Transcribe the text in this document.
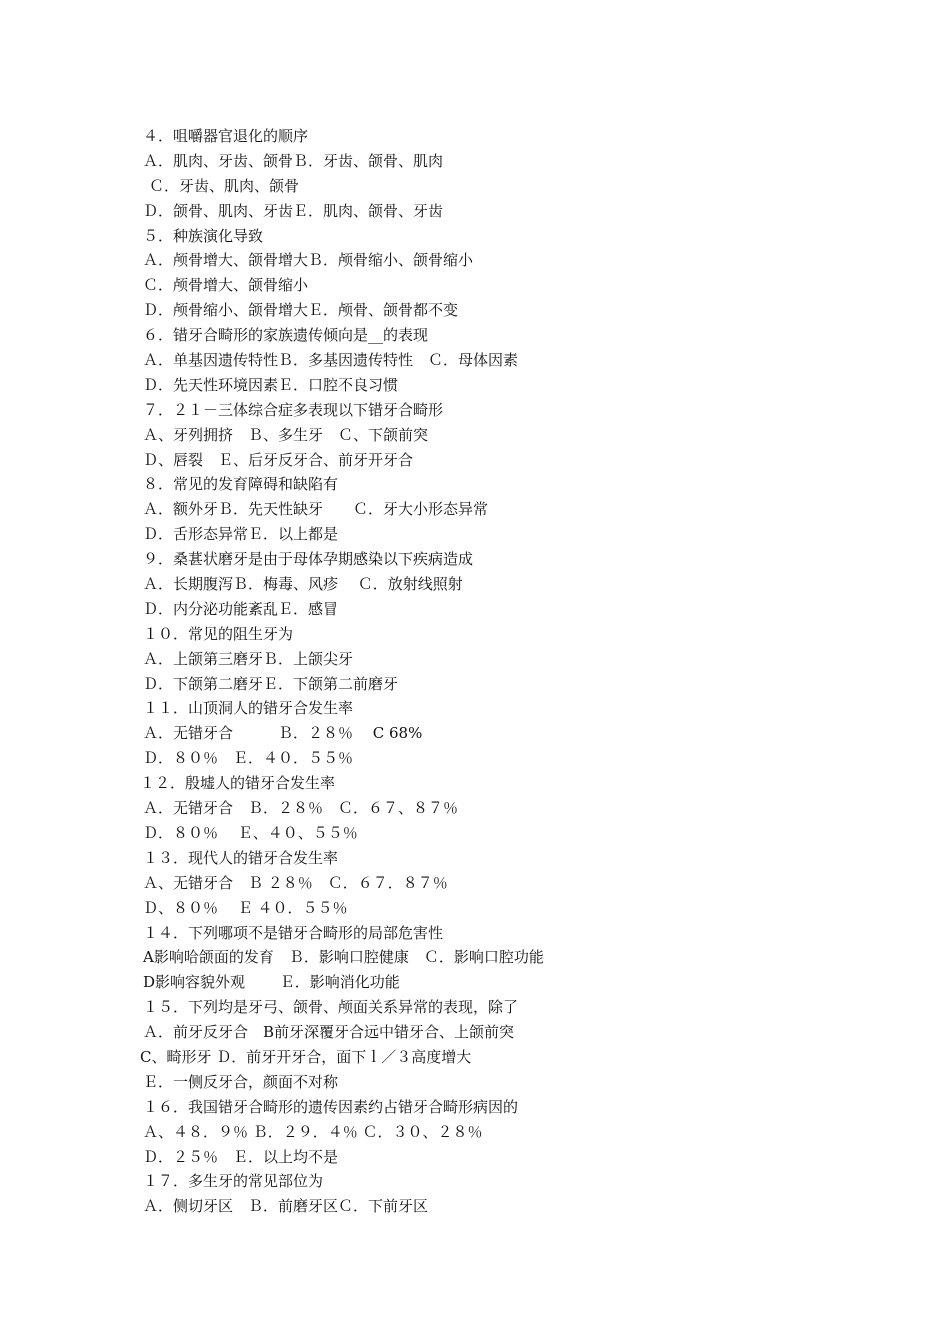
４．咀嚼器官退化的顺序
Ａ．肌肉、牙齿、颌骨Ｂ．牙齿、颌骨、肌肉
Ｃ．牙齿、肌肉、颌骨
Ｄ．颌骨、肌肉、牙齿Ｅ．肌肉、颌骨、牙齿
５．种族演化导致
Ａ．颅骨增大、颌骨增大Ｂ．颅骨缩小、颌骨缩小
Ｃ．颅骨增大、颌骨缩小
Ｄ．颅骨缩小、颌骨增大Ｅ．颅骨、颌骨都不变
６．错牙合畸形的家族遗传倾向是__的表现
Ａ．单基因遗传特性Ｂ．多基因遗传特性　Ｃ．母体因素
Ｄ．先天性环境因素Ｅ．口腔不良习惯
７．２１－三体综合症多表现以下错牙合畸形
Ａ、牙列拥挤　Ｂ、多生牙　Ｃ、下颌前突
Ｄ、唇裂　Ｅ、后牙反牙合、前牙开牙合
８．常见的发育障碍和缺陷有
Ａ．额外牙Ｂ．先天性缺牙　　Ｃ．牙大小形态异常
Ｄ．舌形态异常Ｅ．以上都是
９．桑葚状磨牙是由于母体孕期感染以下疾病造成
Ａ．长期腹泻Ｂ．梅毒、风疹　 Ｃ．放射线照射
Ｄ．内分泌功能紊乱Ｅ．感冒
１０．常见的阻生牙为
Ａ．上颌第三磨牙Ｂ．上颌尖牙
Ｄ．下颌第二磨牙Ｅ．下颌第二前磨牙
１１．山顶洞人的错牙合发生率
Ａ．无错牙合　　　Ｂ．２８％　 C 68%
Ｄ．８０％　Ｅ．４０．５５％
１２．殷墟人的错牙合发生率
Ａ．无错牙合　Ｂ．２８％　Ｃ．６７、８７％
Ｄ．８０％　 Ｅ、４０、５５％
１３．现代人的错牙合发生率
Ａ、无错牙合　Ｂ ２８％　Ｃ．６７．８７％
Ｄ、８０％　 Ｅ ４０．５５％
１４．下列哪项不是错牙合畸形的局部危害性
A影响哈颌面的发育　Ｂ．影响口腔健康　Ｃ．影响口腔功能
D影响容貌外观　　 Ｅ．影响消化功能
１５．下列均是牙弓、颌骨、颅面关系异常的表现，除了
Ａ．前牙反牙合　B前牙深覆牙合远中错牙合、上颌前突
C、畸形牙 Ｄ．前牙开牙合，面下ｌ／３高度增大
Ｅ．一侧反牙合，颜面不对称
１６．我国错牙合畸形的遗传因素约占错牙合畸形病因的
Ａ、４８．９％ Ｂ．２９．４％ Ｃ．３０、２８％
Ｄ．２５％　Ｅ．以上均不是
１７．多生牙的常见部位为
Ａ．侧切牙区　Ｂ．前磨牙区Ｃ．下前牙区
